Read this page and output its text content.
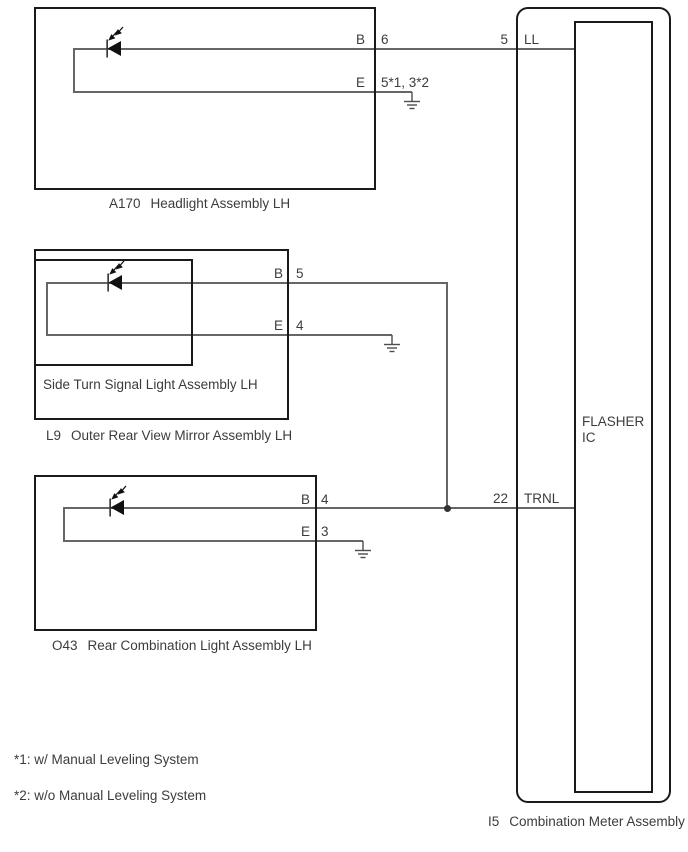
B 6
E 5*1, 3*2
5 LL
B 5
E 4
B 4
E 3
22 TRNL
FLASHER IC
A170 Headlight Assembly LH
Side Turn Signal Light Assembly LH
L9 Outer Rear View Mirror Assembly LH
O43 Rear Combination Light Assembly LH
I5 Combination Meter Assembly
*1: w/ Manual Leveling System
*2: w/o Manual Leveling System
